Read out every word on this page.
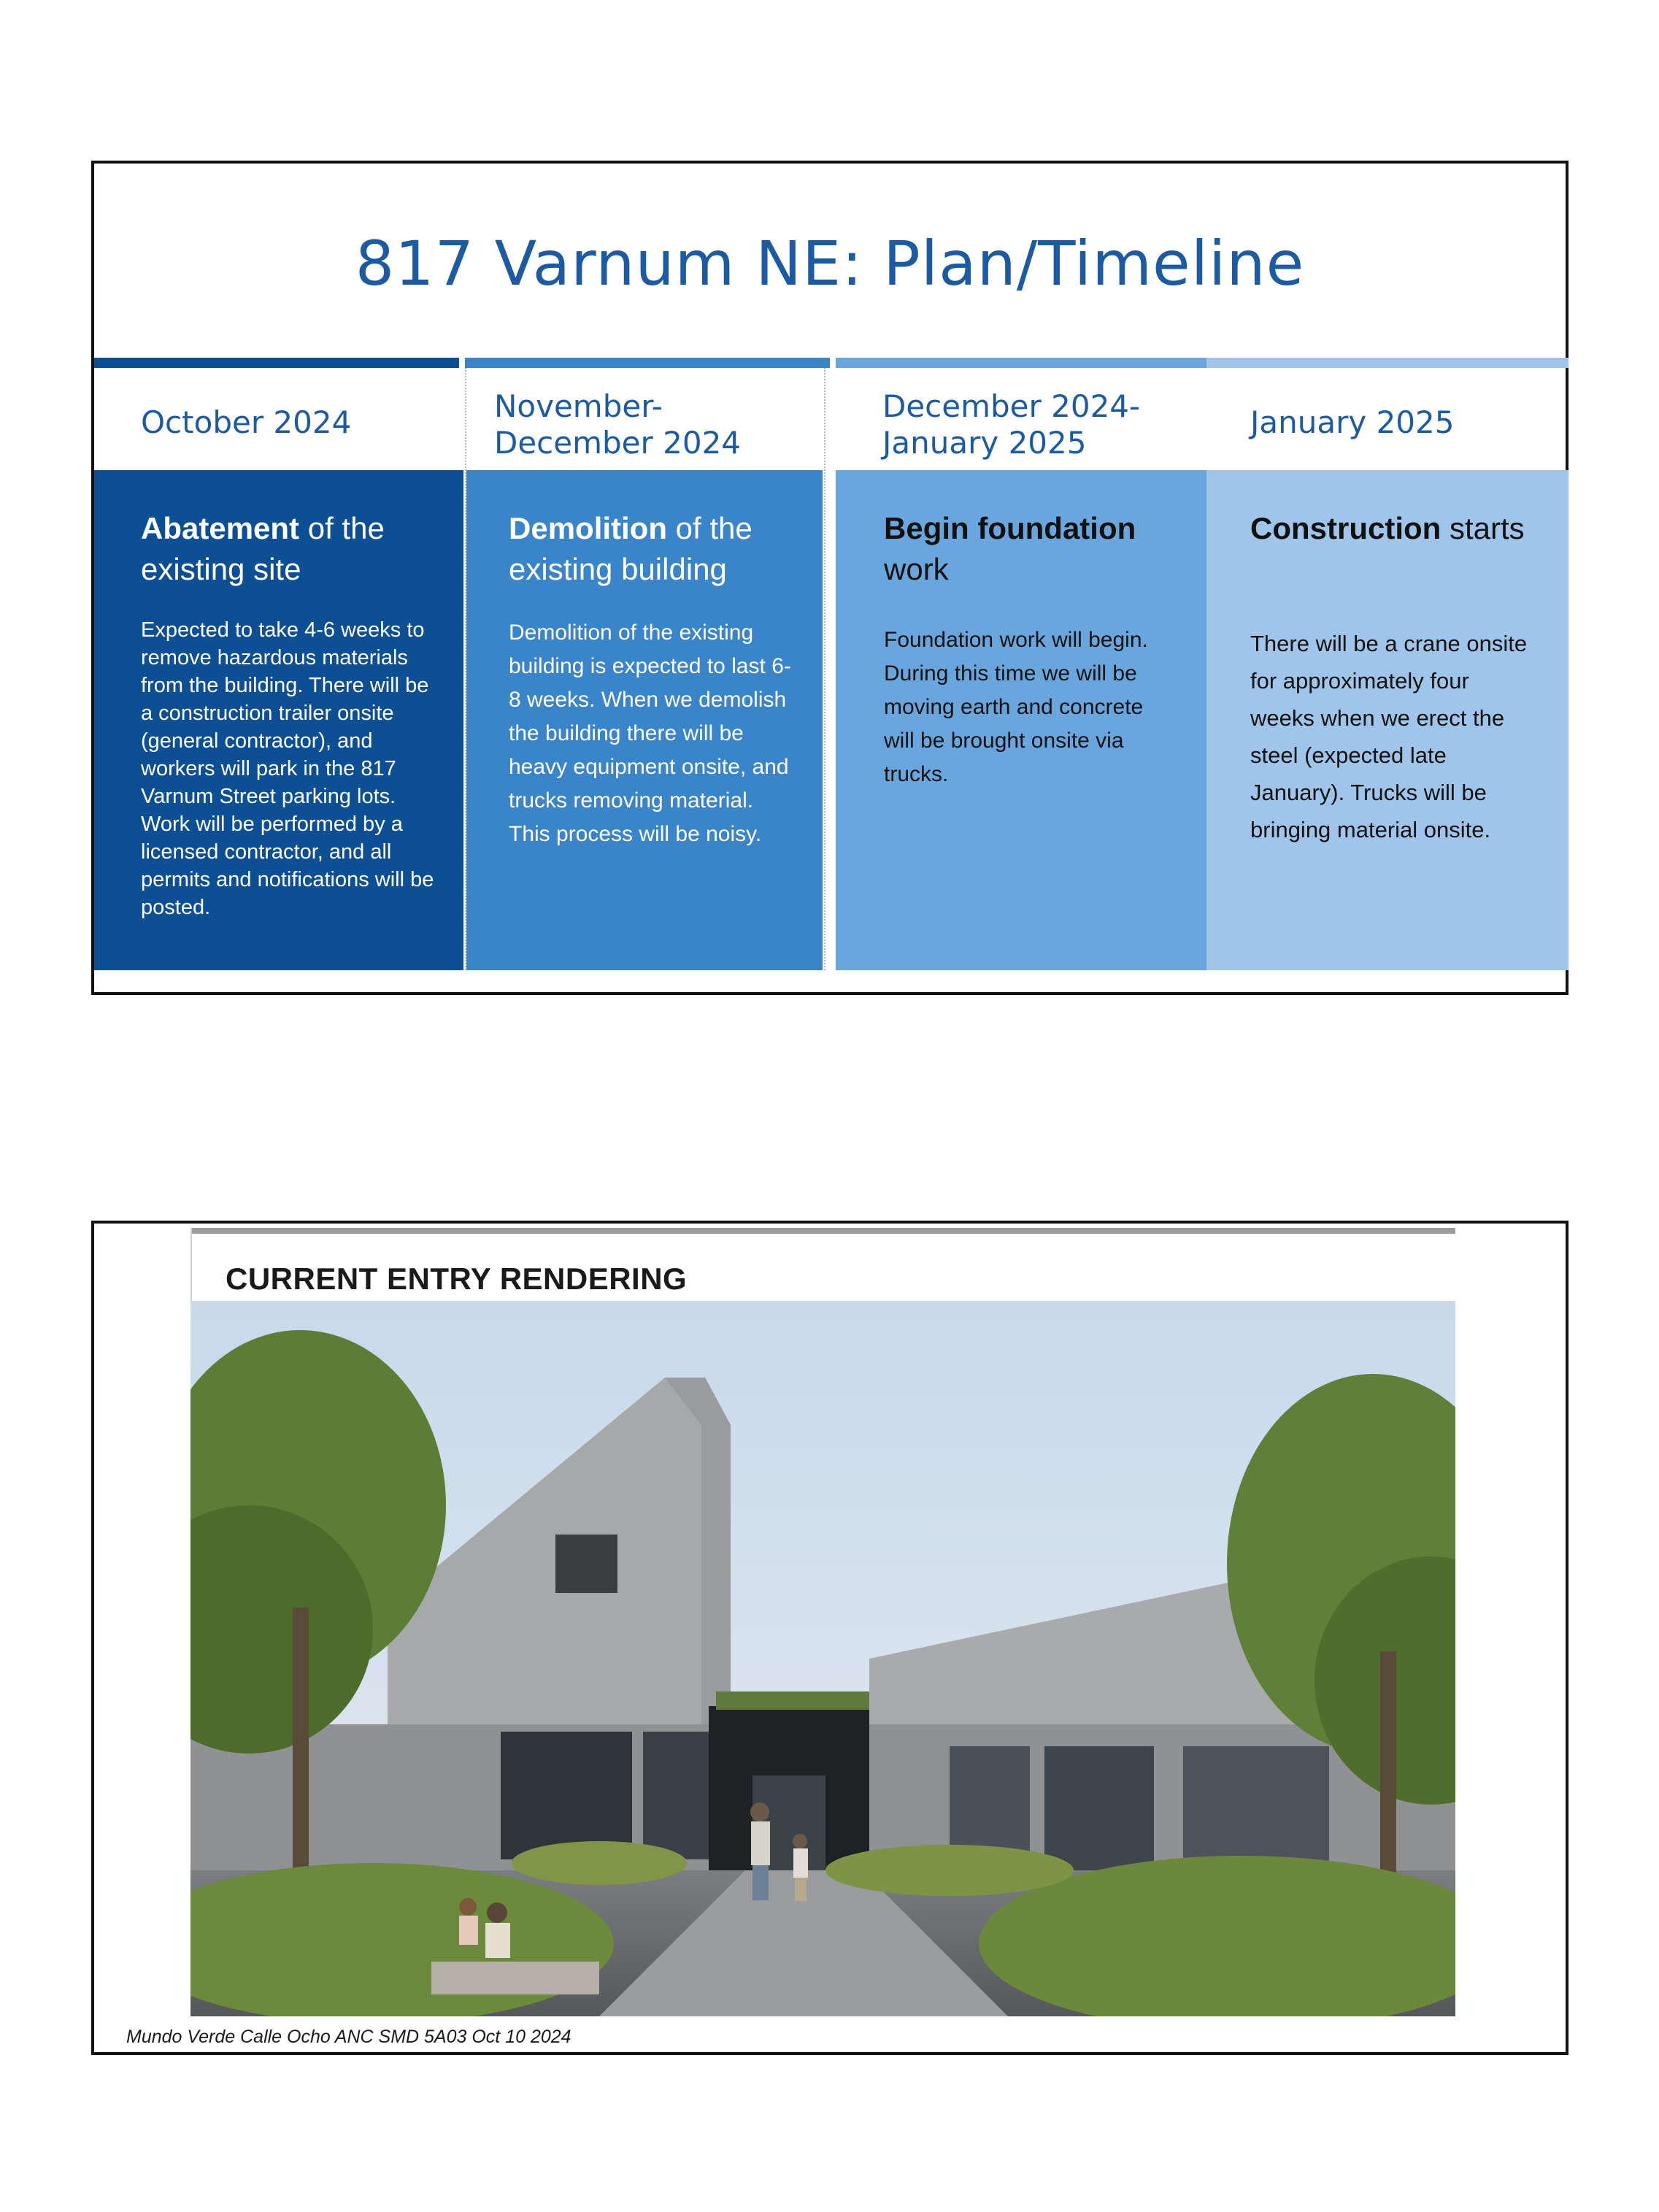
817 Varnum NE: Plan/Timeline
October 2024	November-
December 2024
December 2024-
January 2025
January 2025
Abatement of the existing site
Expected to take 4-6 weeks to remove hazardous materials from the building. There will be a construction trailer onsite (general contractor), and workers will park in the 817 Varnum Street parking lots. Work will be performed by a licensed contractor, and all permits and notifications will be posted.
Demolition of the existing building
Demolition of the existing building is expected to last 6-8 weeks. When we demolish the building there will be heavy equipment onsite, and trucks removing material. This process will be noisy.
Begin foundation work
Foundation work will begin. During this time we will be moving earth and concrete will be brought onsite via trucks.
Construction starts
There will be a crane onsite for approximately four weeks when we erect the steel (expected late January). Trucks will be bringing material onsite.
CURRENT ENTRY RENDERING
Mundo Verde Calle Ocho ANC SMD 5A03 Oct 10 2024
